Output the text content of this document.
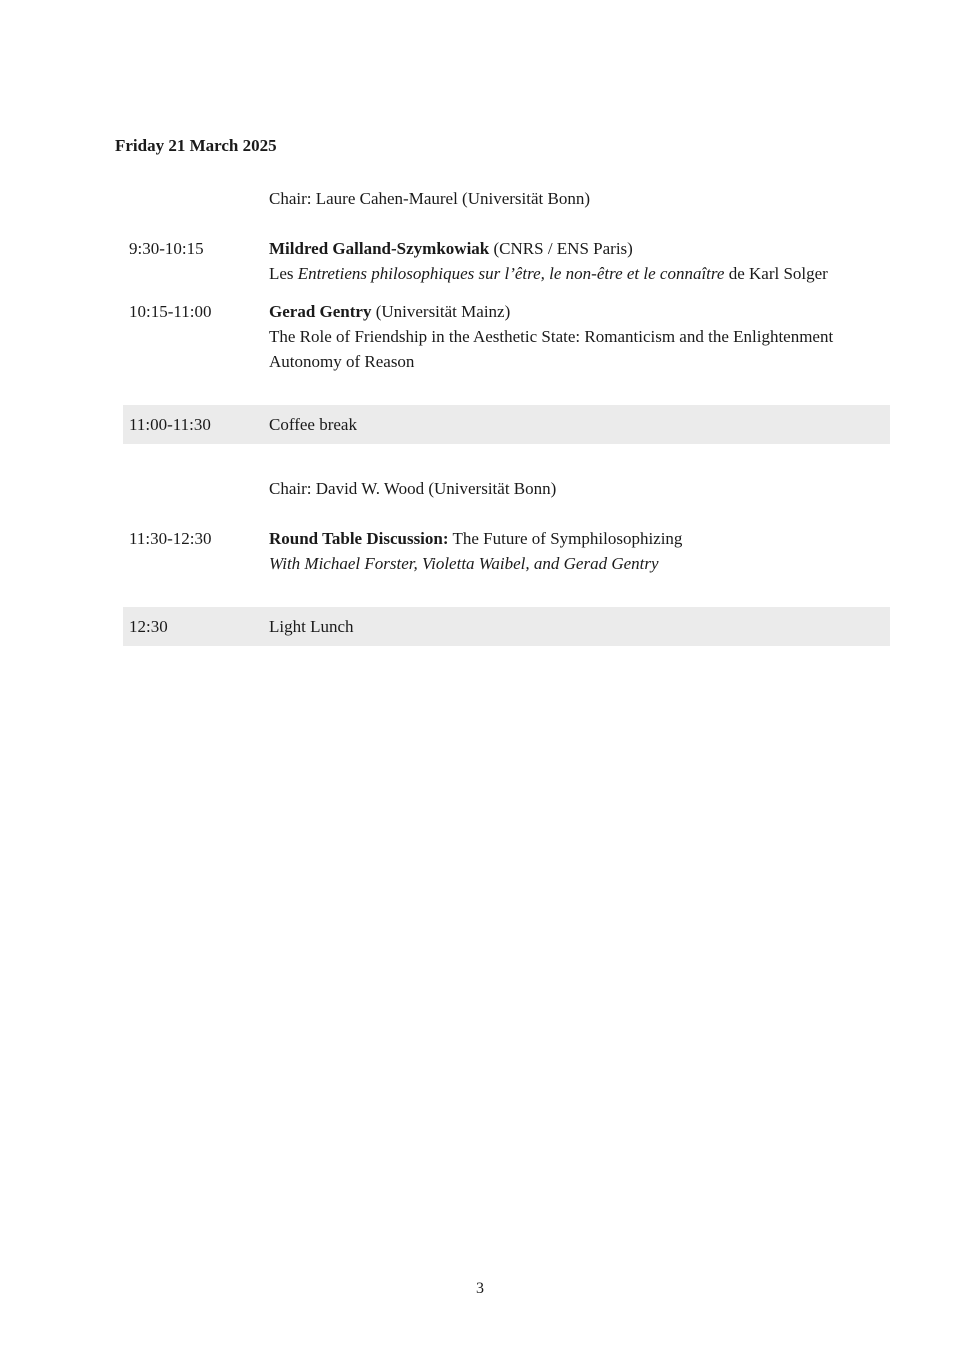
Friday 21 March 2025
Chair: Laure Cahen-Maurel (Universität Bonn)
9:30-10:15	Mildred Galland-Szymkowiak (CNRS / ENS Paris)
Les Entretiens philosophiques sur l’être, le non-être et le connaître de Karl Solger
10:15-11:00	Gerad Gentry (Universität Mainz)
The Role of Friendship in the Aesthetic State: Romanticism and the Enlightenment
Autonomy of Reason
11:00-11:30	Coffee break
Chair: David W. Wood (Universität Bonn)
11:30-12:30	Round Table Discussion: The Future of Symphilosophizing
With Michael Forster, Violetta Waibel, and Gerad Gentry
12:30	Light Lunch
3
